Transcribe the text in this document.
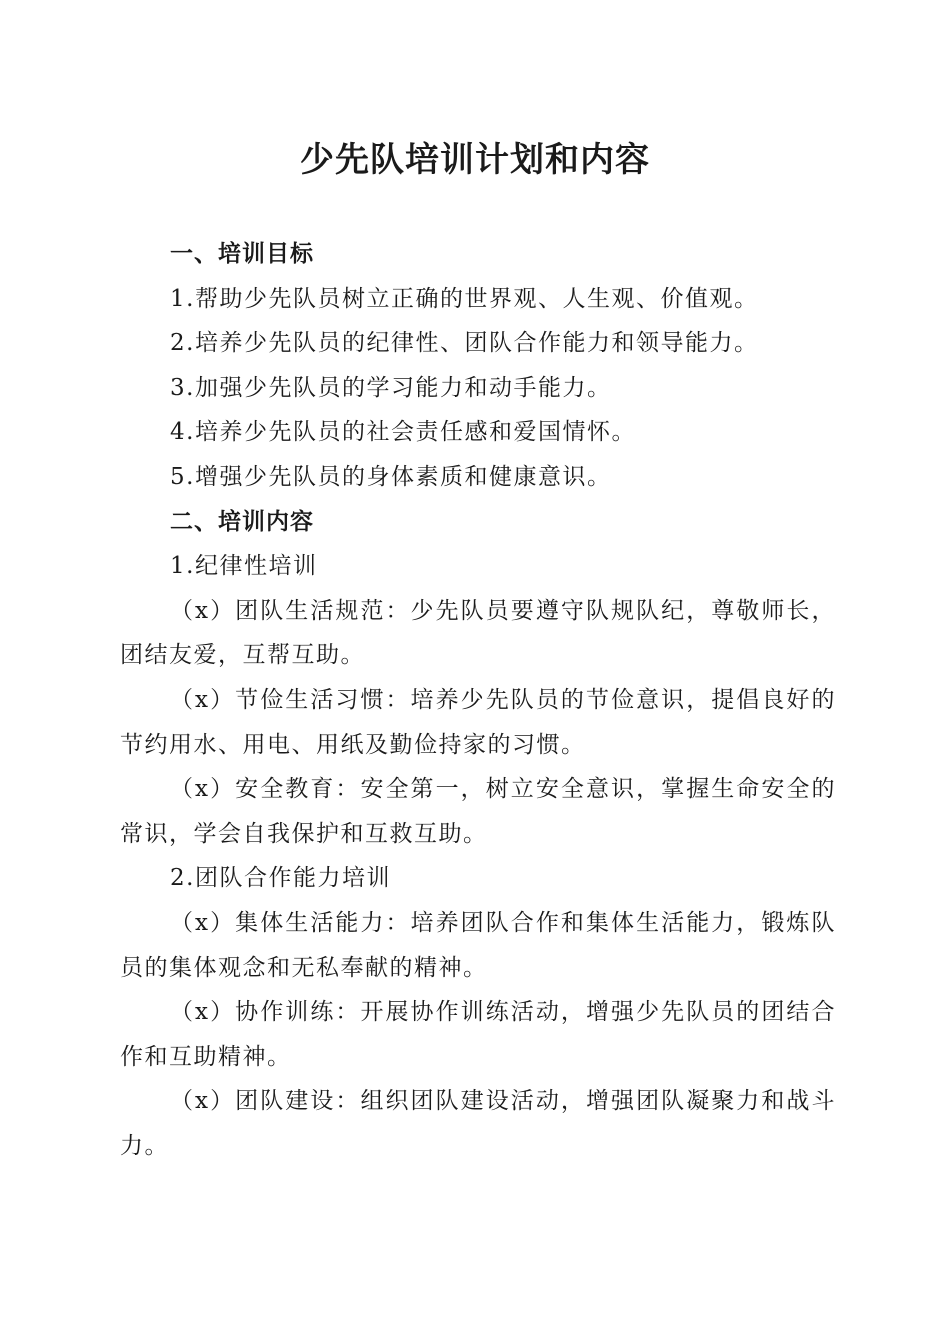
少先队培训计划和内容

一、培训目标

1.帮助少先队员树立正确的世界观、人生观、价值观。

2.培养少先队员的纪律性、团队合作能力和领导能力。

3.加强少先队员的学习能力和动手能力。

4.培养少先队员的社会责任感和爱国情怀。

5.增强少先队员的身体素质和健康意识。

二、培训内容

1.纪律性培训

（x）团队生活规范：少先队员要遵守队规队纪，尊敬师长，团结友爱，互帮互助。

（x）节俭生活习惯：培养少先队员的节俭意识，提倡良好的节约用水、用电、用纸及勤俭持家的习惯。

（x）安全教育：安全第一，树立安全意识，掌握生命安全的常识，学会自我保护和互救互助。

2.团队合作能力培训

（x）集体生活能力：培养团队合作和集体生活能力，锻炼队员的集体观念和无私奉献的精神。

（x）协作训练：开展协作训练活动，增强少先队员的团结合作和互助精神。

（x）团队建设：组织团队建设活动，增强团队凝聚力和战斗力。
